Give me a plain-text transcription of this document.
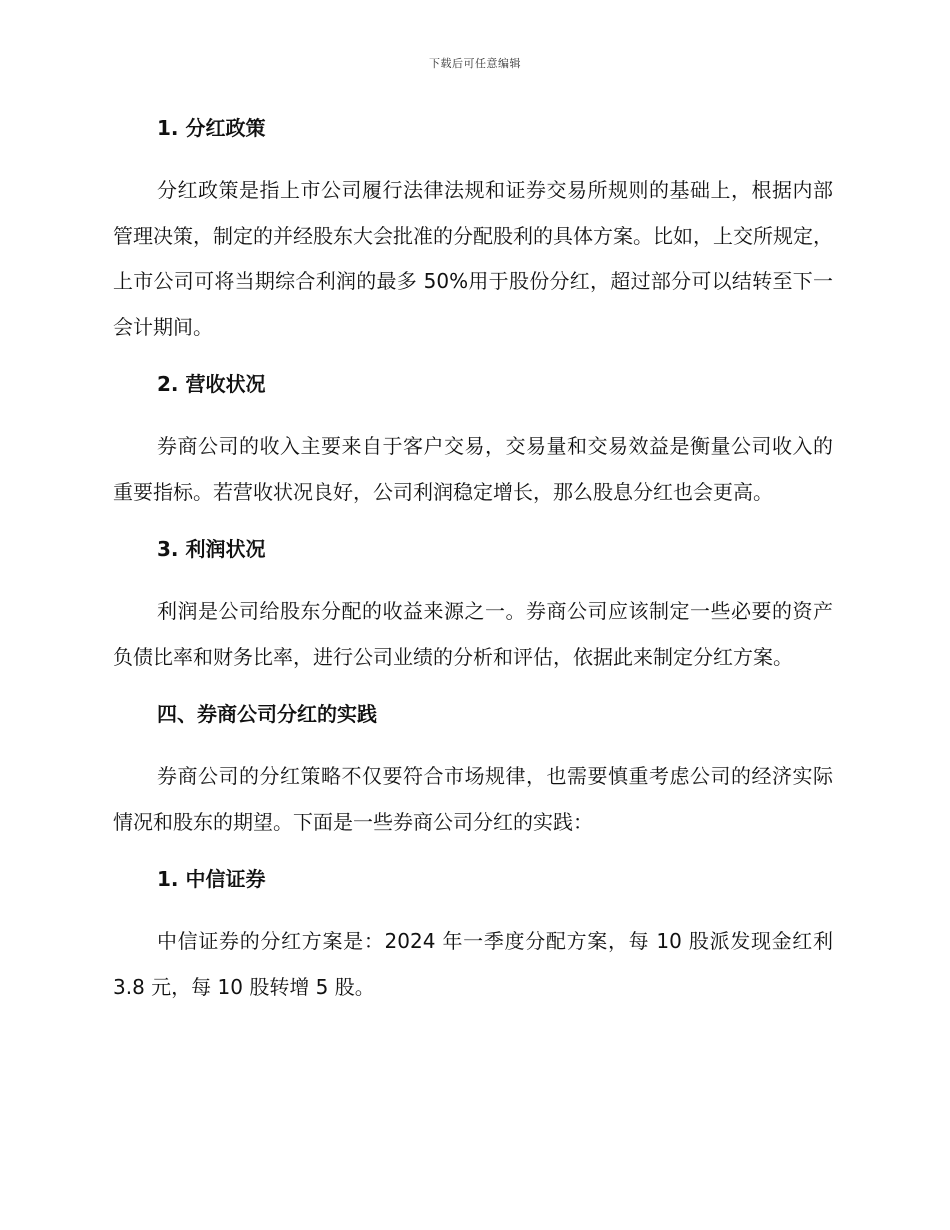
下载后可任意编辑
1. 分红政策

分红政策是指上市公司履行法律法规和证券交易所规则的基础上，根据内部管理决策，制定的并经股东大会批准的分配股利的具体方案。比如，上交所规定，上市公司可将当期综合利润的最多 50%用于股份分红，超过部分可以结转至下一会计期间。

2. 营收状况

券商公司的收入主要来自于客户交易，交易量和交易效益是衡量公司收入的重要指标。若营收状况良好，公司利润稳定增长，那么股息分红也会更高。

3. 利润状况

利润是公司给股东分配的收益来源之一。券商公司应该制定一些必要的资产负债比率和财务比率，进行公司业绩的分析和评估，依据此来制定分红方案。

四、券商公司分红的实践

券商公司的分红策略不仅要符合市场规律，也需要慎重考虑公司的经济实际情况和股东的期望。下面是一些券商公司分红的实践：

1. 中信证券

中信证券的分红方案是：2024 年一季度分配方案，每 10 股派发现金红利 3.8 元，每 10 股转增 5 股。
